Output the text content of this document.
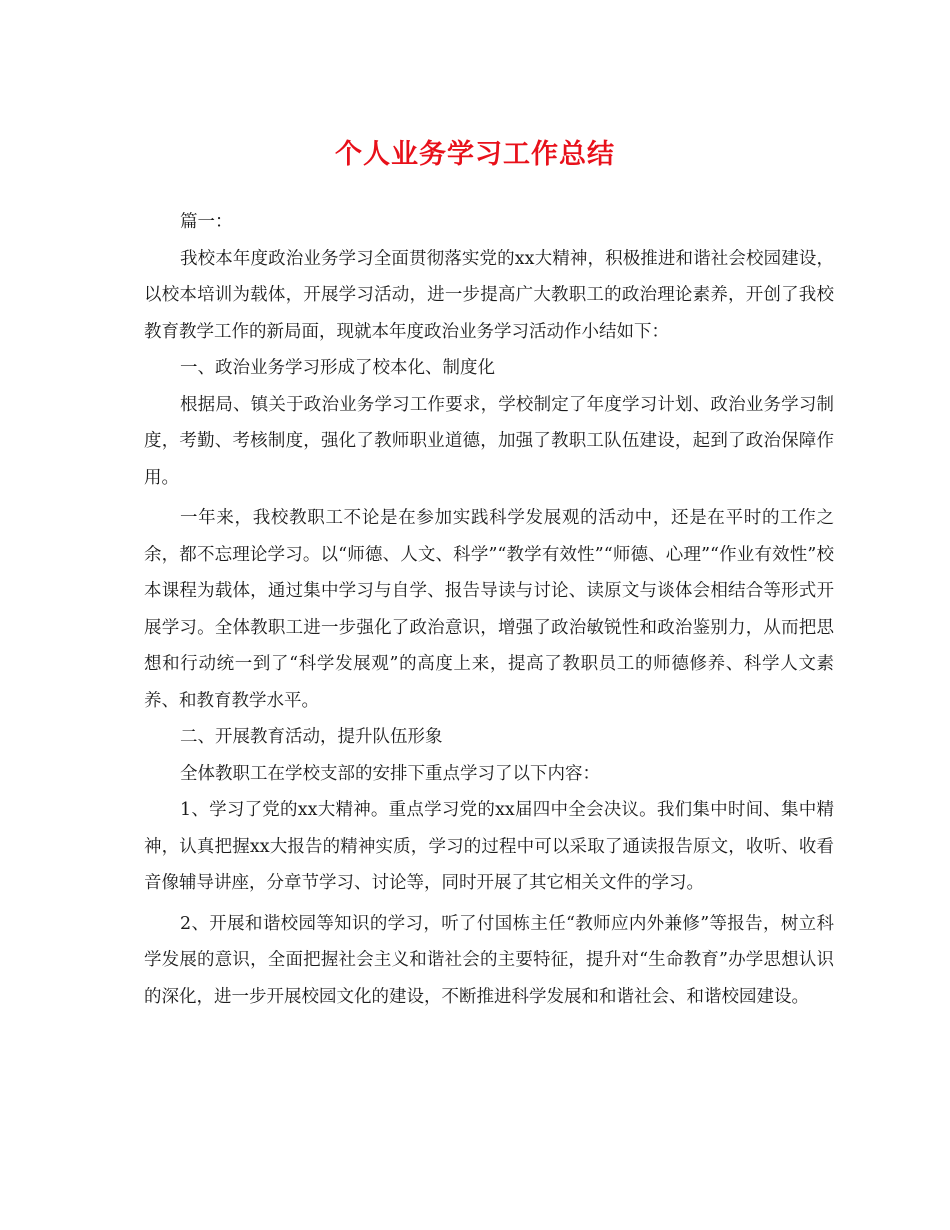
个人业务学习工作总结

篇一：

我校本年度政治业务学习全面贯彻落实党的xx大精神，积极推进和谐社会校园建设，以校本培训为载体，开展学习活动，进一步提高广大教职工的政治理论素养，开创了我校教育教学工作的新局面，现就本年度政治业务学习活动作小结如下：

一、政治业务学习形成了校本化、制度化

根据局、镇关于政治业务学习工作要求，学校制定了年度学习计划、政治业务学习制度，考勤、考核制度，强化了教师职业道德，加强了教职工队伍建设，起到了政治保障作用。

一年来，我校教职工不论是在参加实践科学发展观的活动中，还是在平时的工作之余，都不忘理论学习。以“师德、人文、科学”“教学有效性”“师德、心理”“作业有效性”校本课程为载体，通过集中学习与自学、报告导读与讨论、读原文与谈体会相结合等形式开展学习。全体教职工进一步强化了政治意识，增强了政治敏锐性和政治鉴别力，从而把思想和行动统一到了“科学发展观”的高度上来，提高了教职员工的师德修养、科学人文素养、和教育教学水平。

二、开展教育活动，提升队伍形象

全体教职工在学校支部的安排下重点学习了以下内容：

1、学习了党的xx大精神。重点学习党的xx届四中全会决议。我们集中时间、集中精神，认真把握xx大报告的精神实质，学习的过程中可以采取了通读报告原文，收听、收看音像辅导讲座，分章节学习、讨论等，同时开展了其它相关文件的学习。

2、开展和谐校园等知识的学习，听了付国栋主任“教师应内外兼修”等报告，树立科学发展的意识，全面把握社会主义和谐社会的主要特征，提升对“生命教育”办学思想认识的深化，进一步开展校园文化的建设，不断推进科学发展和和谐社会、和谐校园建设。
